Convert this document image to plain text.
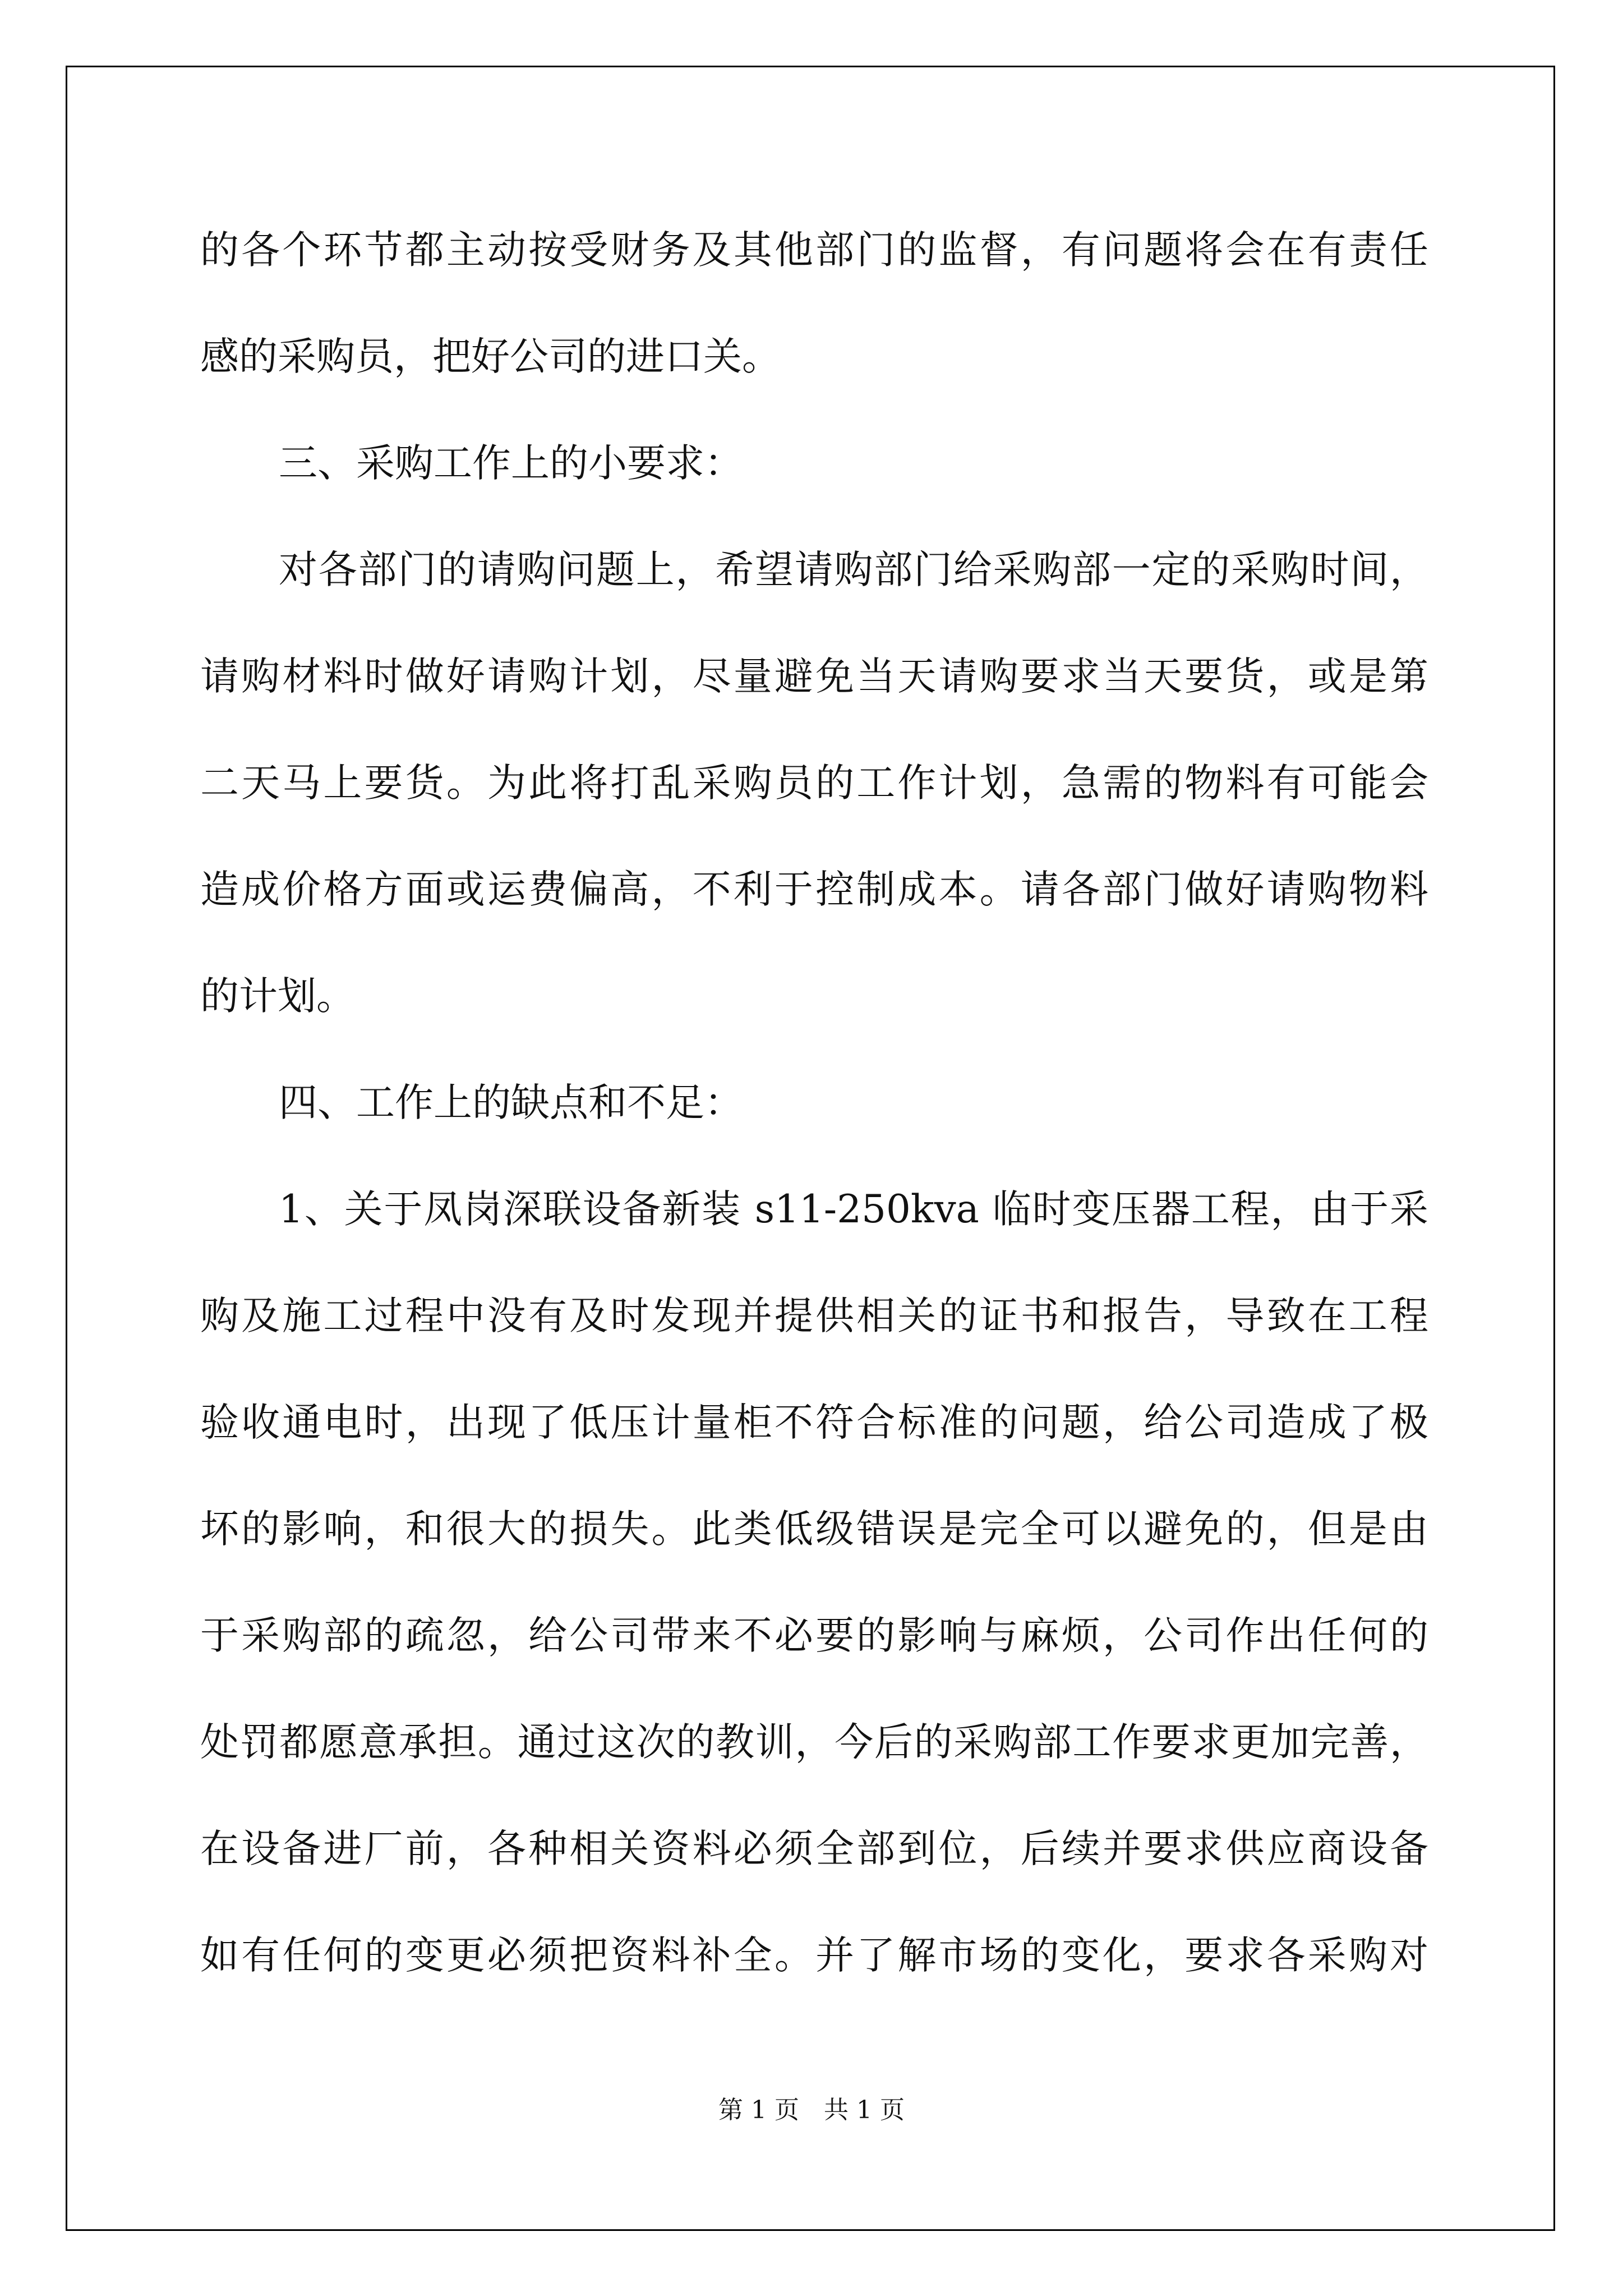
的各个环节都主动按受财务及其他部门的监督，有问题将会在有责任
感的采购员，把好公司的进口关。
三、采购工作上的小要求：
对各部门的请购问题上，希望请购部门给采购部一定的采购时间，
请购材料时做好请购计划，尽量避免当天请购要求当天要货，或是第
二天马上要货。为此将打乱采购员的工作计划，急需的物料有可能会
造成价格方面或运费偏高，不利于控制成本。请各部门做好请购物料
的计划。
四、工作上的缺点和不足：
1、关于凤岗深联设备新装 s11-250kva 临时变压器工程，由于采
购及施工过程中没有及时发现并提供相关的证书和报告，导致在工程
验收通电时，出现了低压计量柜不符合标准的问题，给公司造成了极
坏的影响，和很大的损失。此类低级错误是完全可以避免的，但是由
于采购部的疏忽，给公司带来不必要的影响与麻烦，公司作出任何的
处罚都愿意承担。通过这次的教训，今后的采购部工作要求更加完善，
在设备进厂前，各种相关资料必须全部到位，后续并要求供应商设备
如有任何的变更必须把资料补全。并了解市场的变化，要求各采购对
第 1 页　共 1 页
